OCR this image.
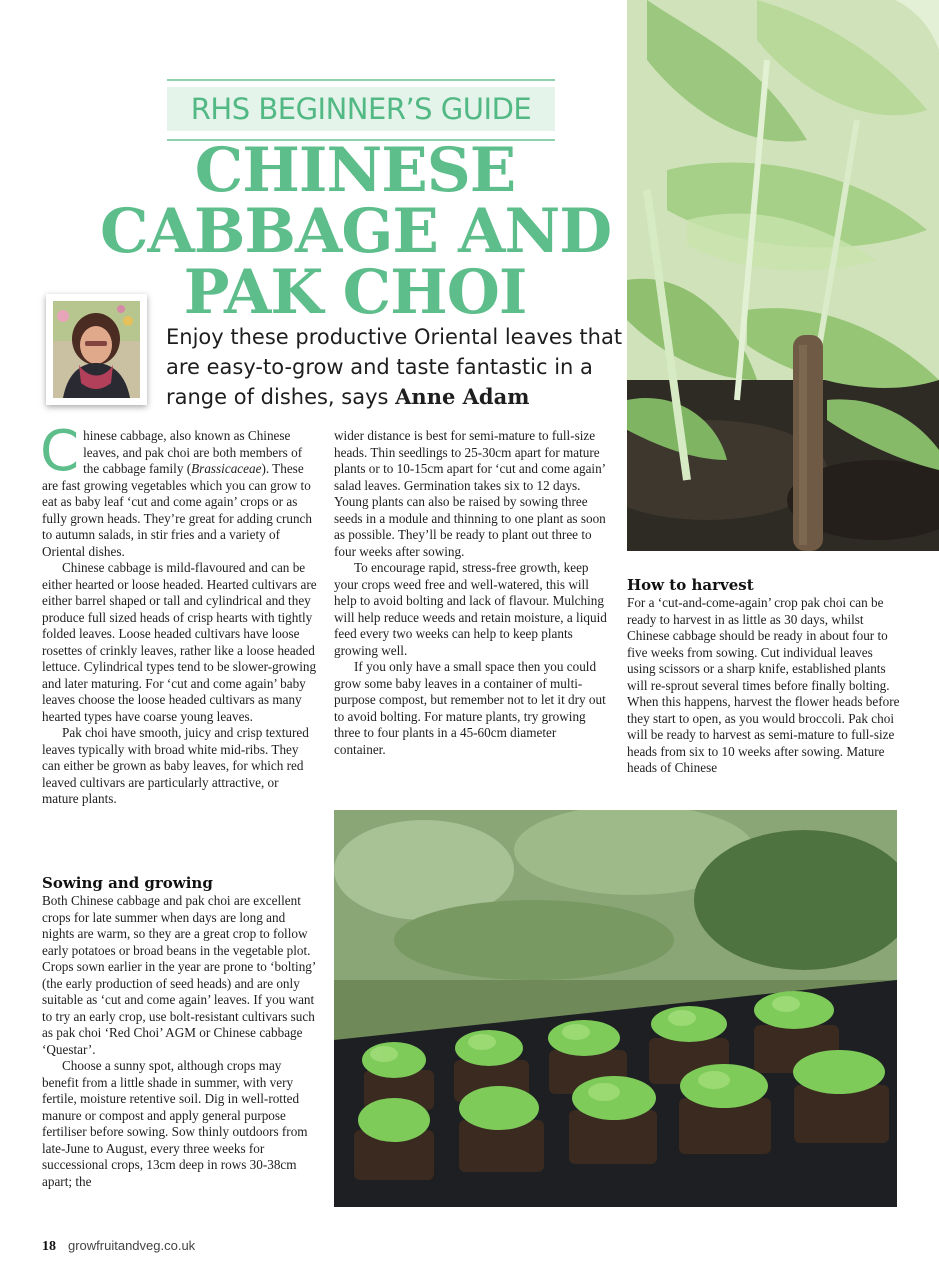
RHS BEGINNER’S GUIDE
CHINESE
CABBAGE AND
PAK CHOI
Enjoy these productive Oriental leaves that are easy-to-grow and taste fantastic in a range of dishes, says Anne Adam

Chinese cabbage, also known as Chinese leaves, and pak choi are both members of the cabbage family (Brassicaceae). These are fast growing vegetables which you can grow to eat as baby leaf ‘cut and come again’ crops or as fully grown heads. They’re great for adding crunch to autumn salads, in stir fries and a variety of Oriental dishes.

Chinese cabbage is mild-flavoured and can be either hearted or loose headed. Hearted cultivars are either barrel shaped or tall and cylindrical and they produce full sized heads of crisp hearts with tightly folded leaves. Loose headed cultivars have loose rosettes of crinkly leaves, rather like a loose headed lettuce. Cylindrical types tend to be slower-growing and later maturing. For ‘cut and come again’ baby leaves choose the loose headed cultivars as many hearted types have coarse young leaves.

Pak choi have smooth, juicy and crisp textured leaves typically with broad white mid-ribs. They can either be grown as baby leaves, for which red leaved cultivars are particularly attractive, or mature plants.

Sowing and growing

Both Chinese cabbage and pak choi are excellent crops for late summer when days are long and nights are warm, so they are a great crop to follow early potatoes or broad beans in the vegetable plot. Crops sown earlier in the year are prone to ‘bolting’ (the early production of seed heads) and are only suitable as ‘cut and come again’ leaves. If you want to try an early crop, use bolt-resistant cultivars such as pak choi ‘Red Choi’ AGM or Chinese cabbage ‘Questar’.

Choose a sunny spot, although crops may benefit from a little shade in summer, with very fertile, moisture retentive soil. Dig in well-rotted manure or compost and apply general purpose fertiliser before sowing. Sow thinly outdoors from late-June to August, every three weeks for successional crops, 13cm deep in rows 30-38cm apart; the

wider distance is best for semi-mature to full-size heads. Thin seedlings to 25-30cm apart for mature plants or to 10-15cm apart for ‘cut and come again’ salad leaves. Germination takes six to 12 days. Young plants can also be raised by sowing three seeds in a module and thinning to one plant as soon as possible. They’ll be ready to plant out three to four weeks after sowing.

To encourage rapid, stress-free growth, keep your crops weed free and well-watered, this will help to avoid bolting and lack of flavour. Mulching will help reduce weeds and retain moisture, a liquid feed every two weeks can help to keep plants growing well.

If you only have a small space then you could grow some baby leaves in a container of multi-purpose compost, but remember not to let it dry out to avoid bolting. For mature plants, try growing three to four plants in a 45-60cm diameter container.

How to harvest

For a ‘cut-and-come-again’ crop pak choi can be ready to harvest in as little as 30 days, whilst Chinese cabbage should be ready in about four to five weeks from sowing. Cut individual leaves using scissors or a sharp knife, established plants will re-sprout several times before finally bolting. When this happens, harvest the flower heads before they start to open, as you would broccoli. Pak choi will be ready to harvest as semi-mature to full-size heads from six to 10 weeks after sowing. Mature heads of Chinese

18 growfruitandveg.co.uk
